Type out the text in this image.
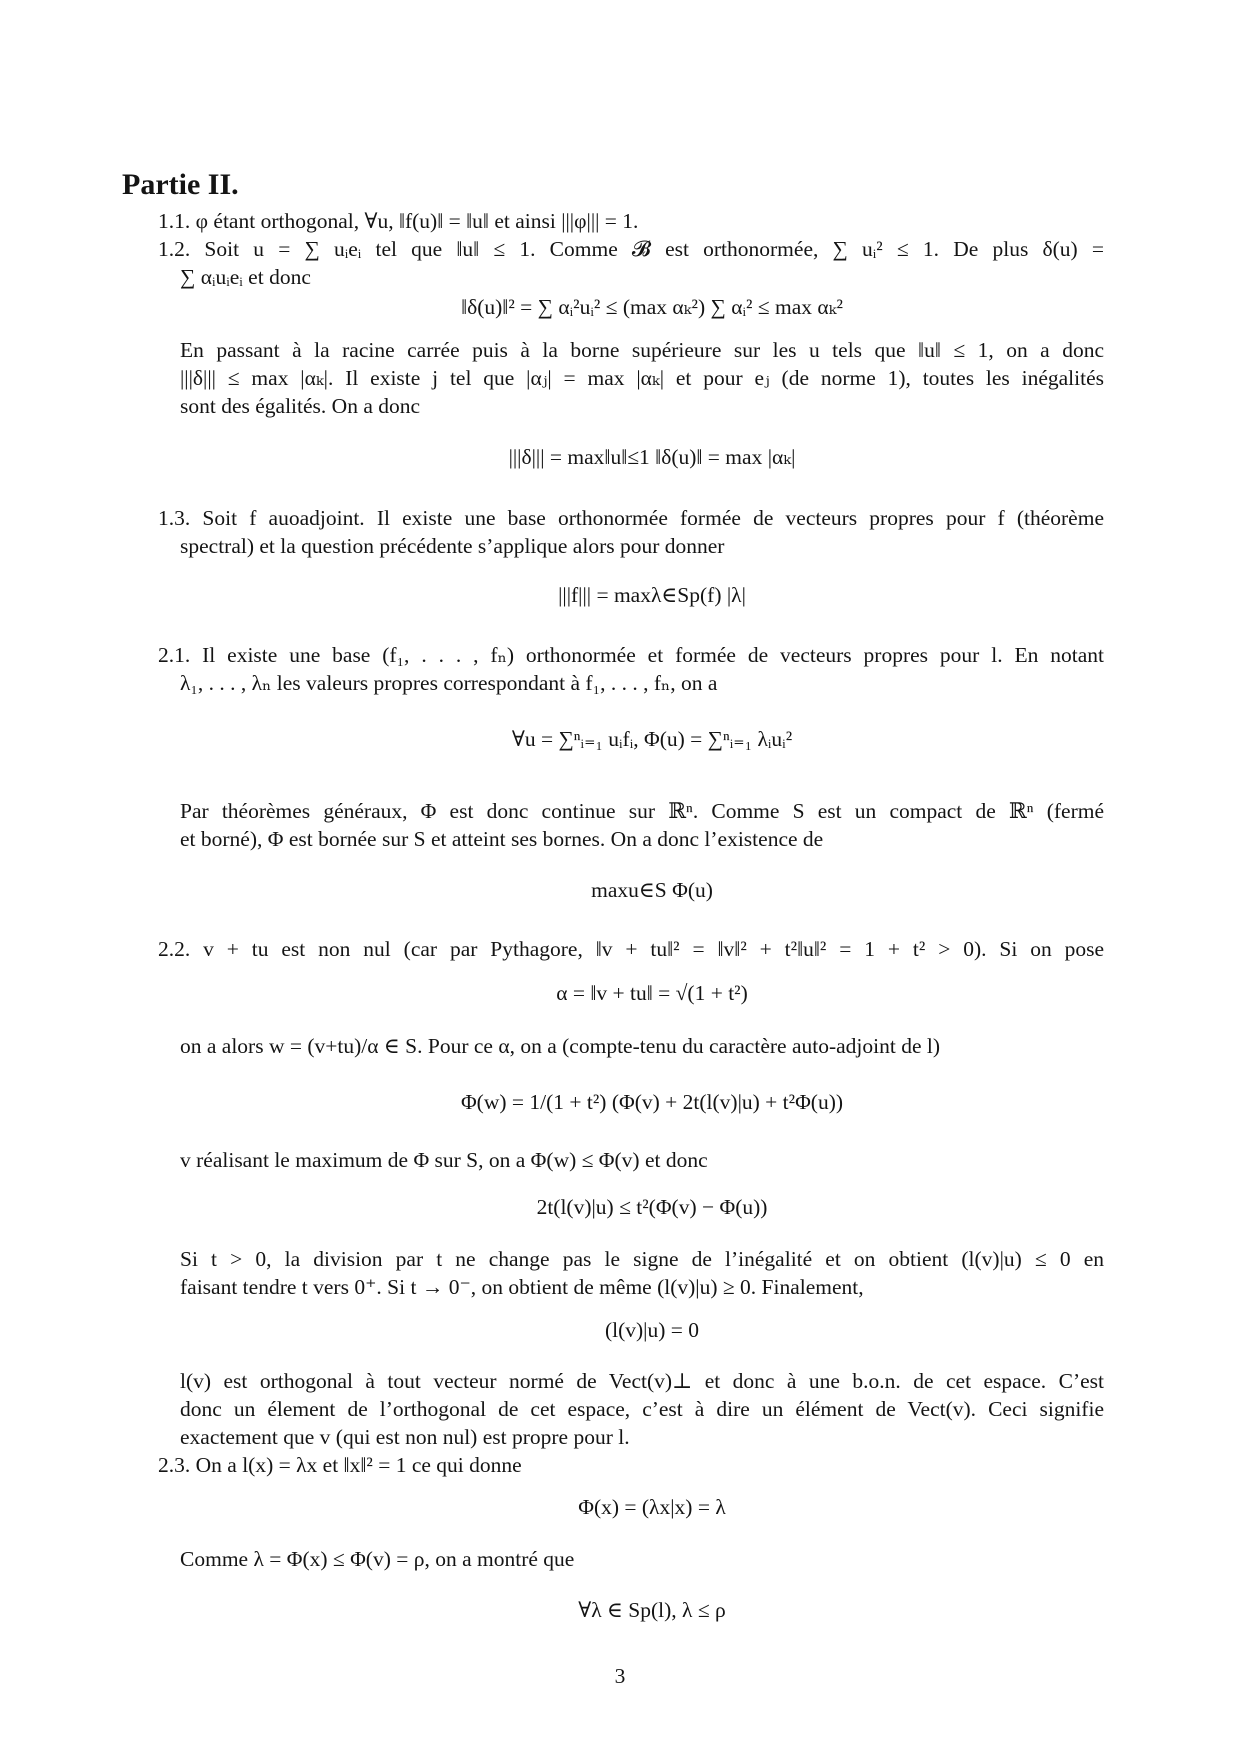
Partie II.

1.1. φ étant orthogonal, ∀u, ‖f(u)‖ = ‖u‖ et ainsi |||φ||| = 1.

1.2. Soit u = ∑ uᵢeᵢ tel que ‖u‖ ≤ 1. Comme 𝓑 est orthonormée, ∑ uᵢ² ≤ 1. De plus δ(u) =

∑ αᵢuᵢeᵢ et donc

‖δ(u)‖² = ∑ αᵢ²uᵢ² ≤ (max αₖ²) ∑ αᵢ² ≤ max αₖ²

En passant à la racine carrée puis à la borne supérieure sur les u tels que ‖u‖ ≤ 1, on a donc

|||δ||| ≤ max |αₖ|. Il existe j tel que |αⱼ| = max |αₖ| et pour eⱼ (de norme 1), toutes les inégalités

sont des égalités. On a donc

|||δ||| = max‖u‖≤1 ‖δ(u)‖ = max |αₖ|

1.3. Soit f auoadjoint. Il existe une base orthonormée formée de vecteurs propres pour f (théorème

spectral) et la question précédente s’applique alors pour donner

|||f||| = maxλ∈Sp(f) |λ|

2.1. Il existe une base (f₁, . . . , fₙ) orthonormée et formée de vecteurs propres pour l. En notant

λ₁, . . . , λₙ les valeurs propres correspondant à f₁, . . . , fₙ, on a

∀u = ∑ⁿᵢ₌₁ uᵢfᵢ, Φ(u) = ∑ⁿᵢ₌₁ λᵢuᵢ²

Par théorèmes généraux, Φ est donc continue sur ℝⁿ. Comme S est un compact de ℝⁿ (fermé

et borné), Φ est bornée sur S et atteint ses bornes. On a donc l’existence de

maxu∈S Φ(u)

2.2. v + tu est non nul (car par Pythagore, ‖v + tu‖² = ‖v‖² + t²‖u‖² = 1 + t² > 0). Si on pose

α = ‖v + tu‖ = √(1 + t²)

on a alors w = (v+tu)/α ∈ S. Pour ce α, on a (compte-tenu du caractère auto-adjoint de l)

Φ(w) = 1/(1 + t²) (Φ(v) + 2t(l(v)|u) + t²Φ(u))

v réalisant le maximum de Φ sur S, on a Φ(w) ≤ Φ(v) et donc

2t(l(v)|u) ≤ t²(Φ(v) − Φ(u))

Si t > 0, la division par t ne change pas le signe de l’inégalité et on obtient (l(v)|u) ≤ 0 en

faisant tendre t vers 0⁺. Si t → 0⁻, on obtient de même (l(v)|u) ≥ 0. Finalement,

(l(v)|u) = 0

l(v) est orthogonal à tout vecteur normé de Vect(v)⊥ et donc à une b.o.n. de cet espace. C’est

donc un élement de l’orthogonal de cet espace, c’est à dire un élément de Vect(v). Ceci signifie

exactement que v (qui est non nul) est propre pour l.

2.3. On a l(x) = λx et ‖x‖² = 1 ce qui donne

Φ(x) = (λx|x) = λ

Comme λ = Φ(x) ≤ Φ(v) = ρ, on a montré que

∀λ ∈ Sp(l), λ ≤ ρ

3
